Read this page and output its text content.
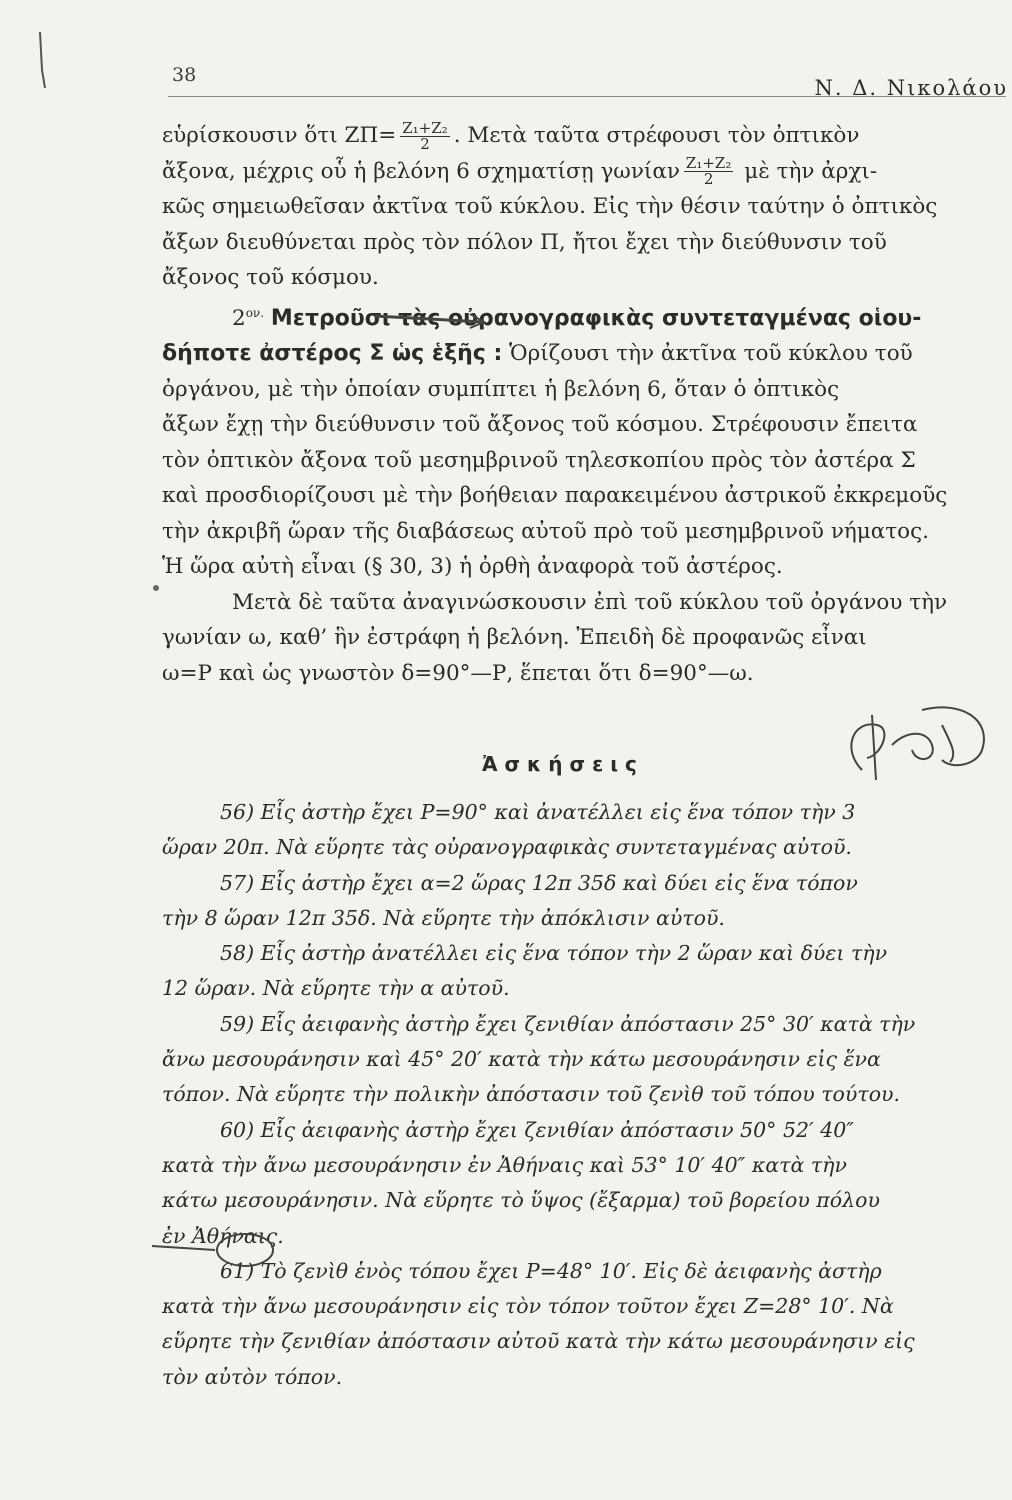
38
Ν. Δ. Νικολάου
εὑρίσκουσιν ὅτι $Z\Pi= \frac{\text{Z₁+Z₂}}{2}$ . Μετὰ ταῦτα στρέφουσι τὸν ὀπτικὸν
ἄξονα, μέχρις οὗ ἡ βελόνη 6 σχηματίσῃ γωνίαν $\frac{\text{Z₁+Z₂}}{2}$ μὲ τὴν ἀρχι-
κῶς σημειωθεῖσαν ἀκτῖνα τοῦ κύκλου. Εἰς τὴν θέσιν ταύτην ὁ ὀπτικὸς
ἄξων διευθύνεται πρὸς τὸν πόλον Π, ἤτοι ἔχει τὴν διεύθυνσιν τοῦ
ἄξονος τοῦ κόσμου.
$2^{o\nu.}$ Μετροῦσι τὰς οὐρανογραφικὰς συντεταγμένας οἱου-
δήποτε ἀστέρος Σ ὡς ἑξῆς : Ὁρίζουσι τὴν ἀκτῖνα τοῦ κύκλου τοῦ
ὀργάνου, μὲ τὴν ὁποίαν συμπίπτει ἡ βελόνη 6, ὅταν ὁ ὀπτικὸς
ἄξων ἔχῃ τὴν διεύθυνσιν τοῦ ἄξονος τοῦ κόσμου. Στρέφουσιν ἔπειτα
τὸν ὀπτικὸν ἄξονα τοῦ μεσημβρινοῦ τηλεσκοπίου πρὸς τὸν ἀστέρα Σ
καὶ προσδιορίζουσι μὲ τὴν βοήθειαν παρακειμένου ἀστρικοῦ ἐκκρεμοῦς
τὴν ἀκριβῆ ὥραν τῆς διαβάσεως αὐτοῦ πρὸ τοῦ μεσημβρινοῦ νήματος.
Ἡ ὥρα αὐτὴ εἶναι (§ 30, 3) ἡ ὀρθὴ ἀναφορὰ τοῦ ἀστέρος.
Μετὰ δὲ ταῦτα ἀναγινώσκουσιν ἐπὶ τοῦ κύκλου τοῦ ὀργάνου τὴν
γωνίαν ω, καθ’ ἣν ἐστράφη ἡ βελόνη. Ἐπειδὴ δὲ προφανῶς εἶναι
ω=Ρ καὶ ὡς γνωστὸν δ=90°—Ρ, ἕπεται ὅτι δ=90°—ω.
Ἀσκήσεις
56) Εἷς ἀστὴρ ἔχει Ρ=90° καὶ ἀνατέλλει εἰς ἕνα τόπον τὴν 3
ὥραν 20π. Νὰ εὕρητε τὰς οὐρανογραφικὰς συντεταγμένας αὐτοῦ.
57) Εἷς ἀστὴρ ἔχει α=2 ὥρας 12π 35δ καὶ δύει εἰς ἕνα τόπον
τὴν 8 ὥραν 12π 35δ. Νὰ εὕρητε τὴν ἀπόκλισιν αὐτοῦ.
58) Εἷς ἀστὴρ ἀνατέλλει εἰς ἕνα τόπον τὴν 2 ὥραν καὶ δύει τὴν
12 ὥραν. Νὰ εὕρητε τὴν α αὐτοῦ.
59) Εἷς ἀειφανὴς ἀστὴρ ἔχει ζενιθίαν ἀπόστασιν 25° 30′ κατὰ τὴν
ἄνω μεσουράνησιν καὶ 45° 20′ κατὰ τὴν κάτω μεσουράνησιν εἰς ἕνα
τόπον. Νὰ εὕρητε τὴν πολικὴν ἀπόστασιν τοῦ ζενὶθ τοῦ τόπου τούτου.
60) Εἷς ἀειφανὴς ἀστὴρ ἔχει ζενιθίαν ἀπόστασιν 50° 52′ 40″
κατὰ τὴν ἄνω μεσουράνησιν ἐν Ἀθήναις καὶ 53° 10′ 40″ κατὰ τὴν
κάτω μεσουράνησιν. Νὰ εὕρητε τὸ ὕψος (ἔξαρμα) τοῦ βορείου πόλου
ἐν Ἀθήναις.
61) Τὸ ζενὶθ ἑνὸς τόπου ἔχει Ρ=48° 10′. Εἰς δὲ ἀειφανὴς ἀστὴρ
κατὰ τὴν ἄνω μεσουράνησιν εἰς τὸν τόπον τοῦτον ἔχει Ζ=28° 10′. Νὰ
εὕρητε τὴν ζενιθίαν ἀπόστασιν αὐτοῦ κατὰ τὴν κάτω μεσουράνησιν εἰς
τὸν αὐτὸν τόπον.
